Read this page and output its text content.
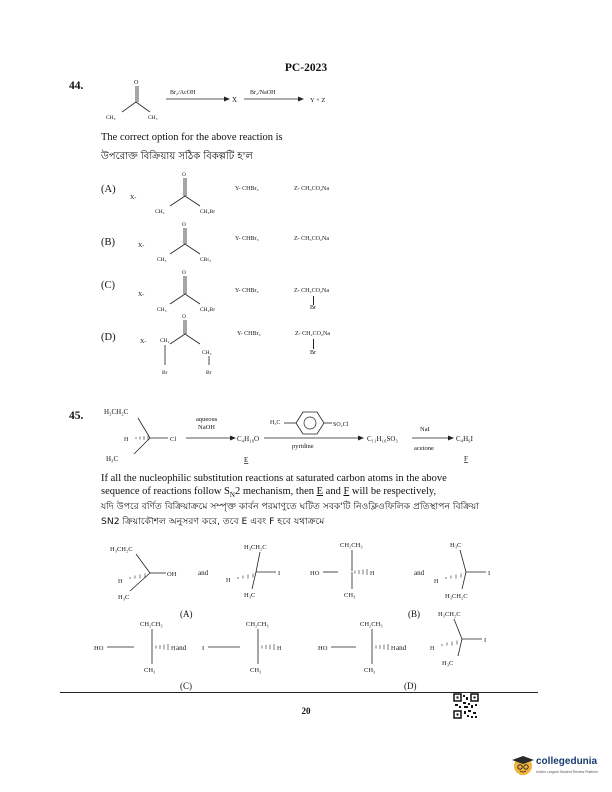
PC-2023
44.	O
CH₃	CH₃
Br₂/AcOH
X
Br₂/NaOH
Y + Z
The correct option for the above reaction is
উপরোক্ত বিক্রিয়ায় সঠিক বিকল্পটি হ'ল
(A)
X-
O
CH₃	CH₂Br
Y- CHBr₃	Z- CH₃CO₂Na
(B)	X-
O
CH₃	CBr₃
Y- CHBr₃	Z- CH₃CO₂Na
(C)
X-
O
CH₃	CH₂Br
Y- CHBr₃	Z- CH₂CO₂Na
Br
(D)	X-
O
CH₂
CH₂
Br	Br
Y- CHBr₃	Z- CH₂CO₂Na
Br
45.	H₃CH₂C
H	Cl
H₃C
aqueous
NaOH
C₄H₁₀O
H₃C	SO₂Cl
pyridine
C₁₁H₁₆SO₃
NaI
acetone
C₄H₉I
E	F
If all the nucleophilic substitution reactions at saturated carbon atoms in the above
sequence of reactions follow $S_N2$ mechanism, then E and F will be respectively,
যদি উপরে বর্ণিত বিক্রিয়াক্রমে সম্পৃক্ত কার্বন পরমাণুতে ঘটিত সবক'টি নিওক্লিওফিলিক প্রতিস্থাপন বিক্রিয়া
SN2 ক্রিয়াকৌশল অনুসরণ করে, তবে E এবং F হবে যথাক্রমে
H₃CH₂C
H
OH
H₃C
and
H₃CH₂C
H
I
H₃C
CH₂CH₃
HO	H
CH₃
and
H₃C
H
I
H₃CH₂C
(A)	(B)
CH₂CH₃
HO	H
CH₃
and
CH₂CH₃
I	H
CH₃
CH₂CH₃
HO	H
CH₃
and
H₃CH₂C
H
I
H₃C
(C)	(D)
20
collegedunia
India's Largest Student Review Platform
